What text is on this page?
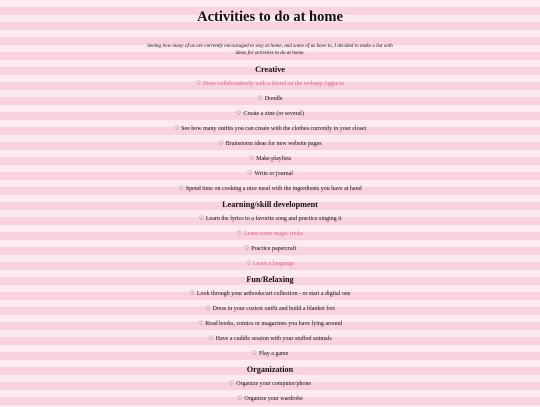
Activities to do at home

Seeing how many of us are currently encouraged to stay at home, and some of us have to, I decided to make a list with ideas for activities to do at home.

Creative
♡ Draw collaboratively with a friend on the webapp Aggie.io
♡ Doodle
♡ Create a zine (or several)
♡ See how many outfits you can create with the clothes currently in your closet
♡ Brainstorm ideas for new website pages
♡ Make playlists
♡ Write or journal
♡ Spend time on cooking a nice meal with the ingredients you have at hand
Learning/skill development
♡ Learn the lyrics to a favorite song and practice singing it
♡ Learn some magic tricks
♡ Practice papercraft
♡ Learn a language
Fun/Relaxing
♡ Look through your artbooks/art collection - or start a digital one
♡ Dress in your coziest outfit and build a blanket fort
♡ Read books, comics or magazines you have lying around
♡ Have a cuddle session with your stuffed animals
♡ Play a game
Organization
♡ Organize your computer/phone
♡ Organize your wardrobe
